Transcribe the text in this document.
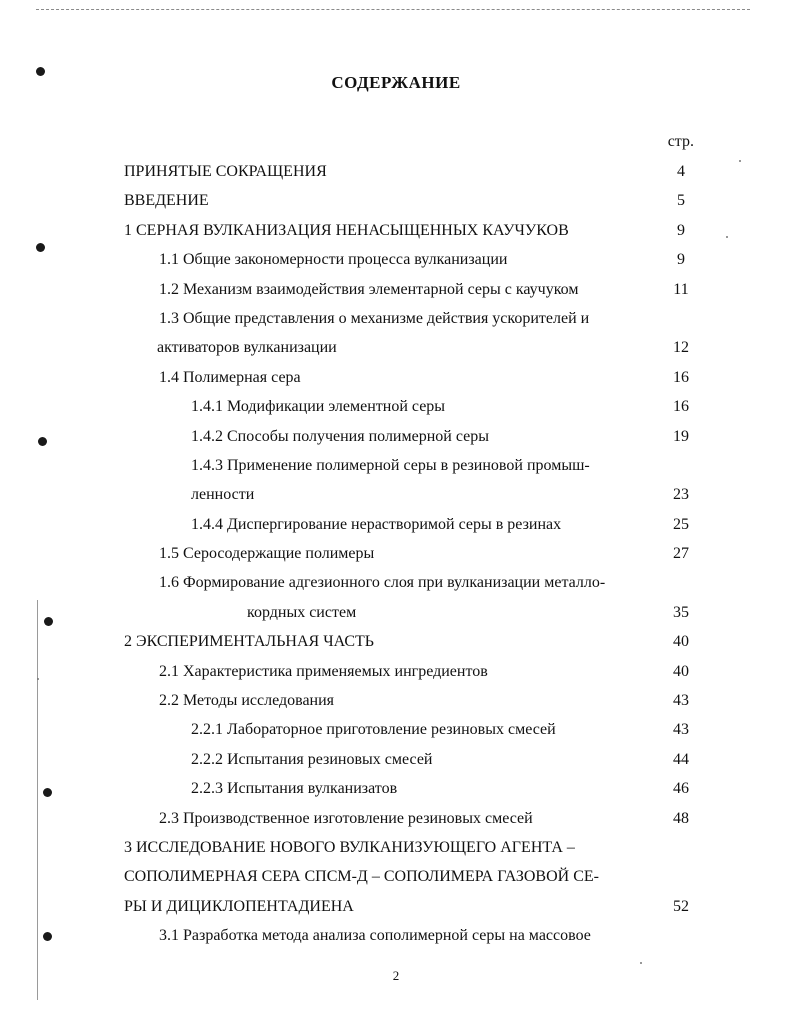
СОДЕРЖАНИЕ
стр.
ПРИНЯТЫЕ СОКРАЩЕНИЯ	4
ВВЕДЕНИЕ	5
1 СЕРНАЯ ВУЛКАНИЗАЦИЯ НЕНАСЫЩЕННЫХ КАУЧУКОВ	9
1.1 Общие закономерности процесса вулканизации	9
1.2 Механизм взаимодействия элементарной серы с каучуком	11
1.3 Общие представления о механизме действия ускорителей и
активаторов вулканизации	12
1.4 Полимерная сера	16
1.4.1 Модификации элементной серы	16
1.4.2 Способы получения полимерной серы	19
1.4.3 Применение полимерной серы в резиновой промыш-
ленности	23
1.4.4 Диспергирование нерастворимой серы в резинах	25
1.5 Серосодержащие полимеры	27
1.6 Формирование адгезионного слоя при вулканизации металло-
кордных систем	35
2 ЭКСПЕРИМЕНТАЛЬНАЯ ЧАСТЬ	40
2.1 Характеристика применяемых ингредиентов	40
2.2 Методы исследования	43
2.2.1 Лабораторное приготовление резиновых смесей	43
2.2.2 Испытания резиновых смесей	44
2.2.3 Испытания вулканизатов	46
2.3 Производственное изготовление резиновых смесей	48
3 ИССЛЕДОВАНИЕ НОВОГО ВУЛКАНИЗУЮЩЕГО АГЕНТА –
СОПОЛИМЕРНАЯ СЕРА СПСМ-Д – СОПОЛИМЕРА ГАЗОВОЙ СЕ-
РЫ И ДИЦИКЛОПЕНТАДИЕНА	52
3.1 Разработка метода анализа сополимерной серы на массовое
2
